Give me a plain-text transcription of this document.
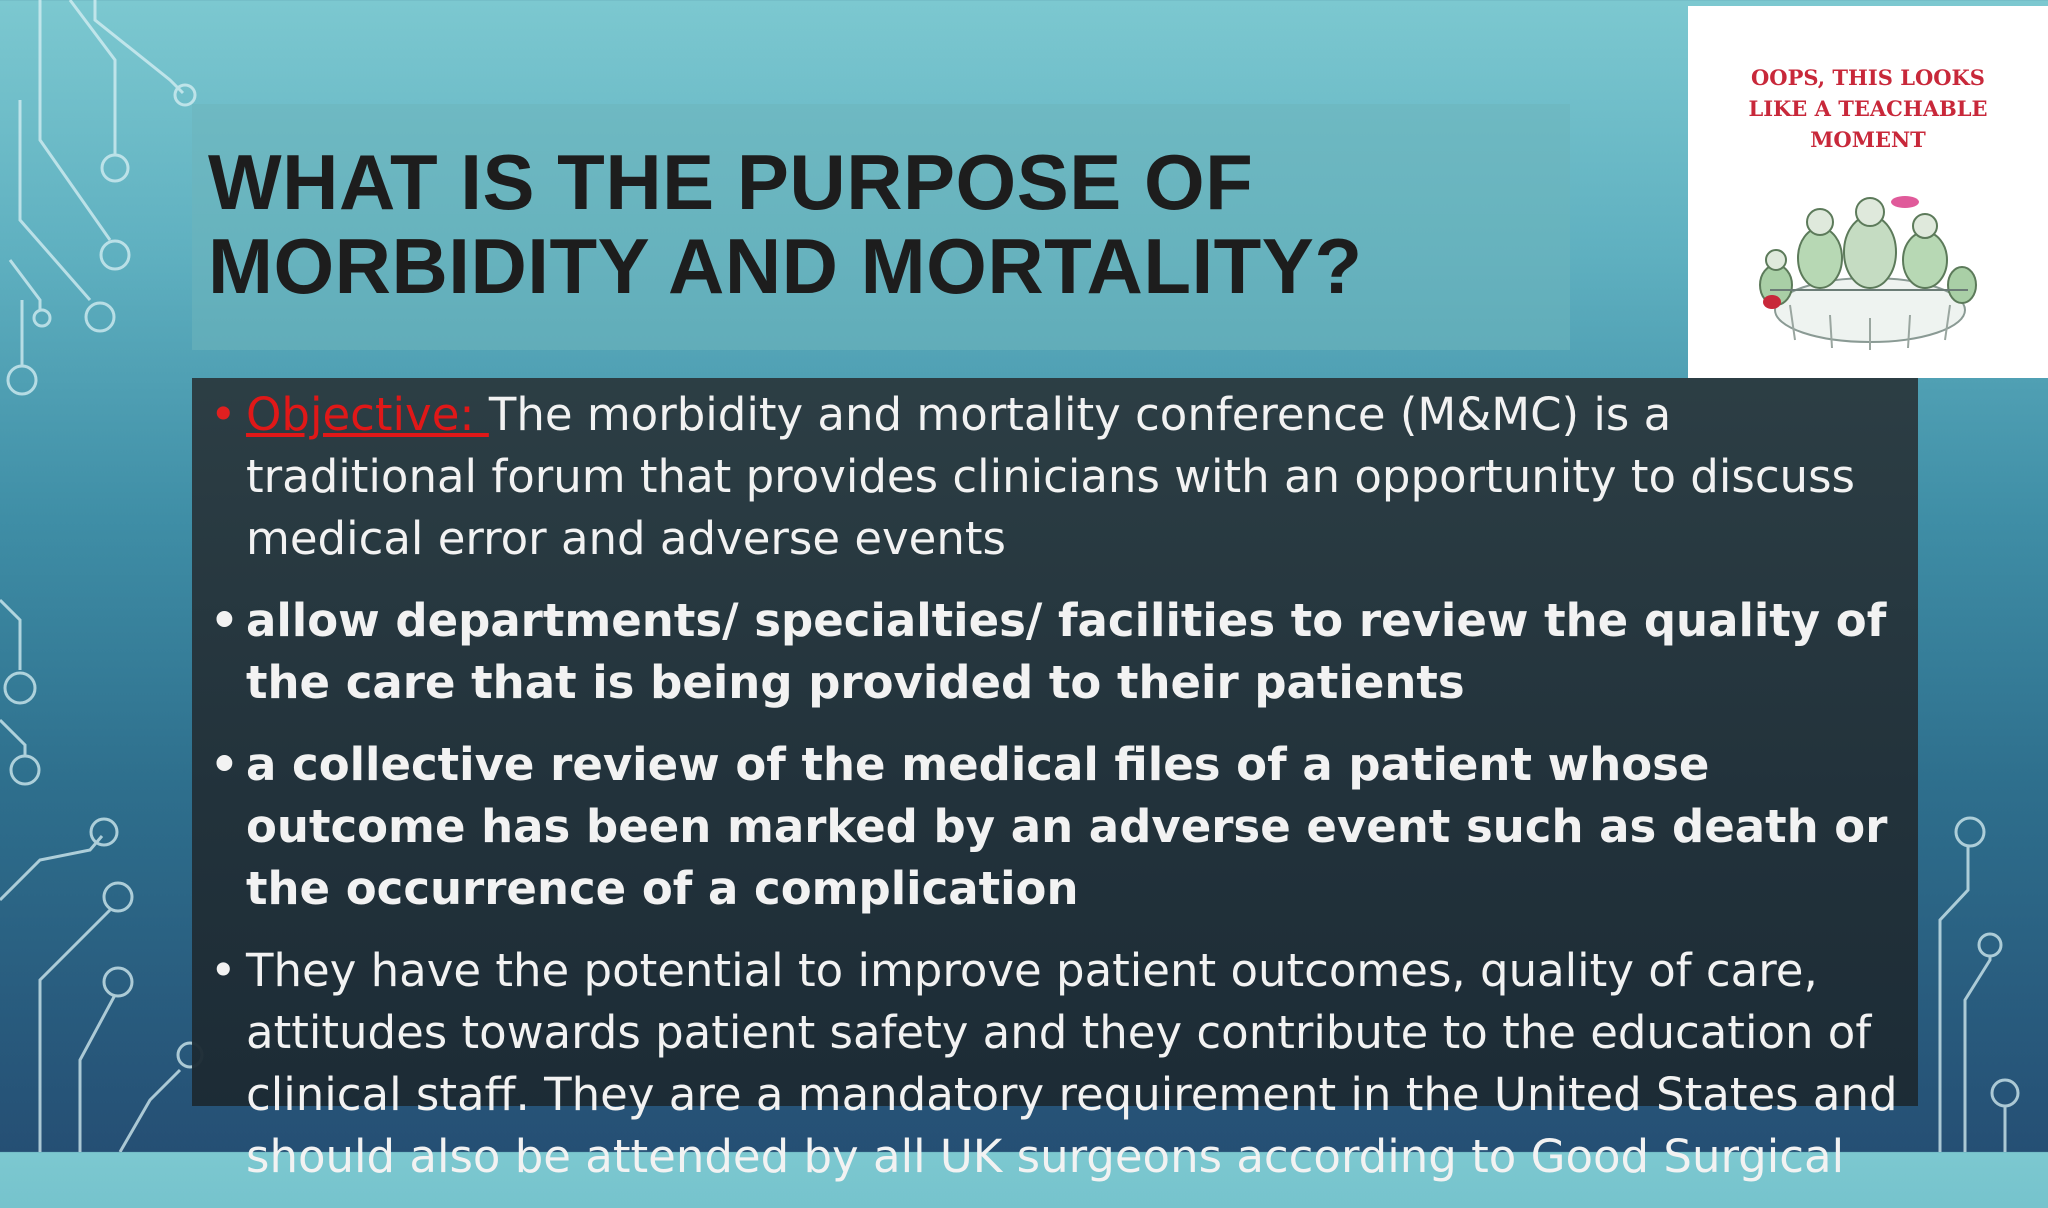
WHAT IS THE PURPOSE OF
MORBIDITY AND MORTALITY?
OOPS, THIS LOOKS
LIKE A TEACHABLE
MOMENT
• Objective: The morbidity and mortality conference (M&MC) is a traditional forum that provides clinicians with an opportunity to discuss medical error and adverse events
• allow departments/ specialties/ facilities to review the quality of the care that is being provided to their patients
• a collective review of the medical files of a patient whose outcome has been marked by an adverse event such as death or the occurrence of a complication
• They have the potential to improve patient outcomes, quality of care, attitudes towards patient safety and they contribute to the education of clinical staff. They are a mandatory requirement in the United States and should also be attended by all UK surgeons according to Good Surgical
